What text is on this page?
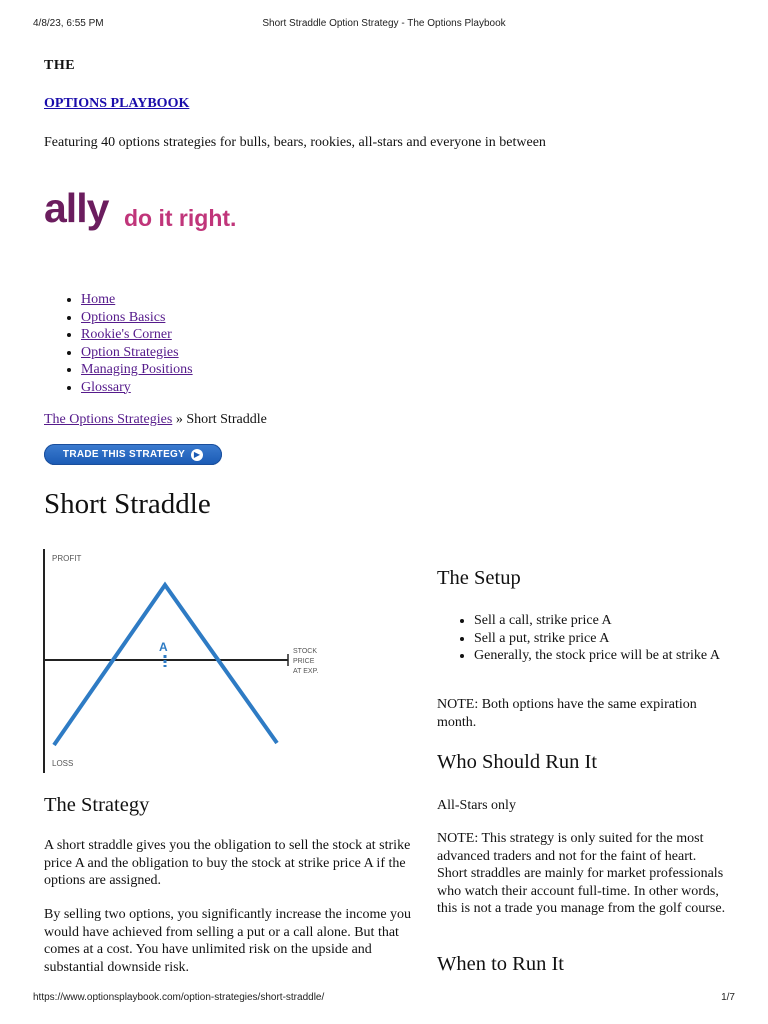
4/8/23, 6:55 PM	Short Straddle Option Strategy - The Options Playbook
THE
OPTIONS PLAYBOOK
Featuring 40 options strategies for bulls, bears, rookies, all-stars and everyone in between
ally do it right.
• Home
• Options Basics
• Rookie's Corner
• Option Strategies
• Managing Positions
• Glossary
The Options Strategies » Short Straddle
TRADE THIS STRATEGY	▶
Short Straddle
PROFIT
LOSS
STOCK
PRICE
AT EXP.
A
The Strategy

A short straddle gives you the obligation to sell the stock at strike price A and the obligation to buy the stock at strike price A if the options are assigned.

By selling two options, you significantly increase the income you would have achieved from selling a put or a call alone. But that comes at a cost. You have unlimited risk on the upside and substantial downside risk.

The Setup
• Sell a call, strike price A
• Sell a put, strike price A
• Generally, the stock price will be at strike A

NOTE: Both options have the same expiration month.

Who Should Run It

All-Stars only

NOTE: This strategy is only suited for the most advanced traders and not for the faint of heart. Short straddles are mainly for market professionals who watch their account full-time. In other words, this is not a trade you manage from the golf course.

When to Run It
https://www.optionsplaybook.com/option-strategies/short-straddle/	1/7
